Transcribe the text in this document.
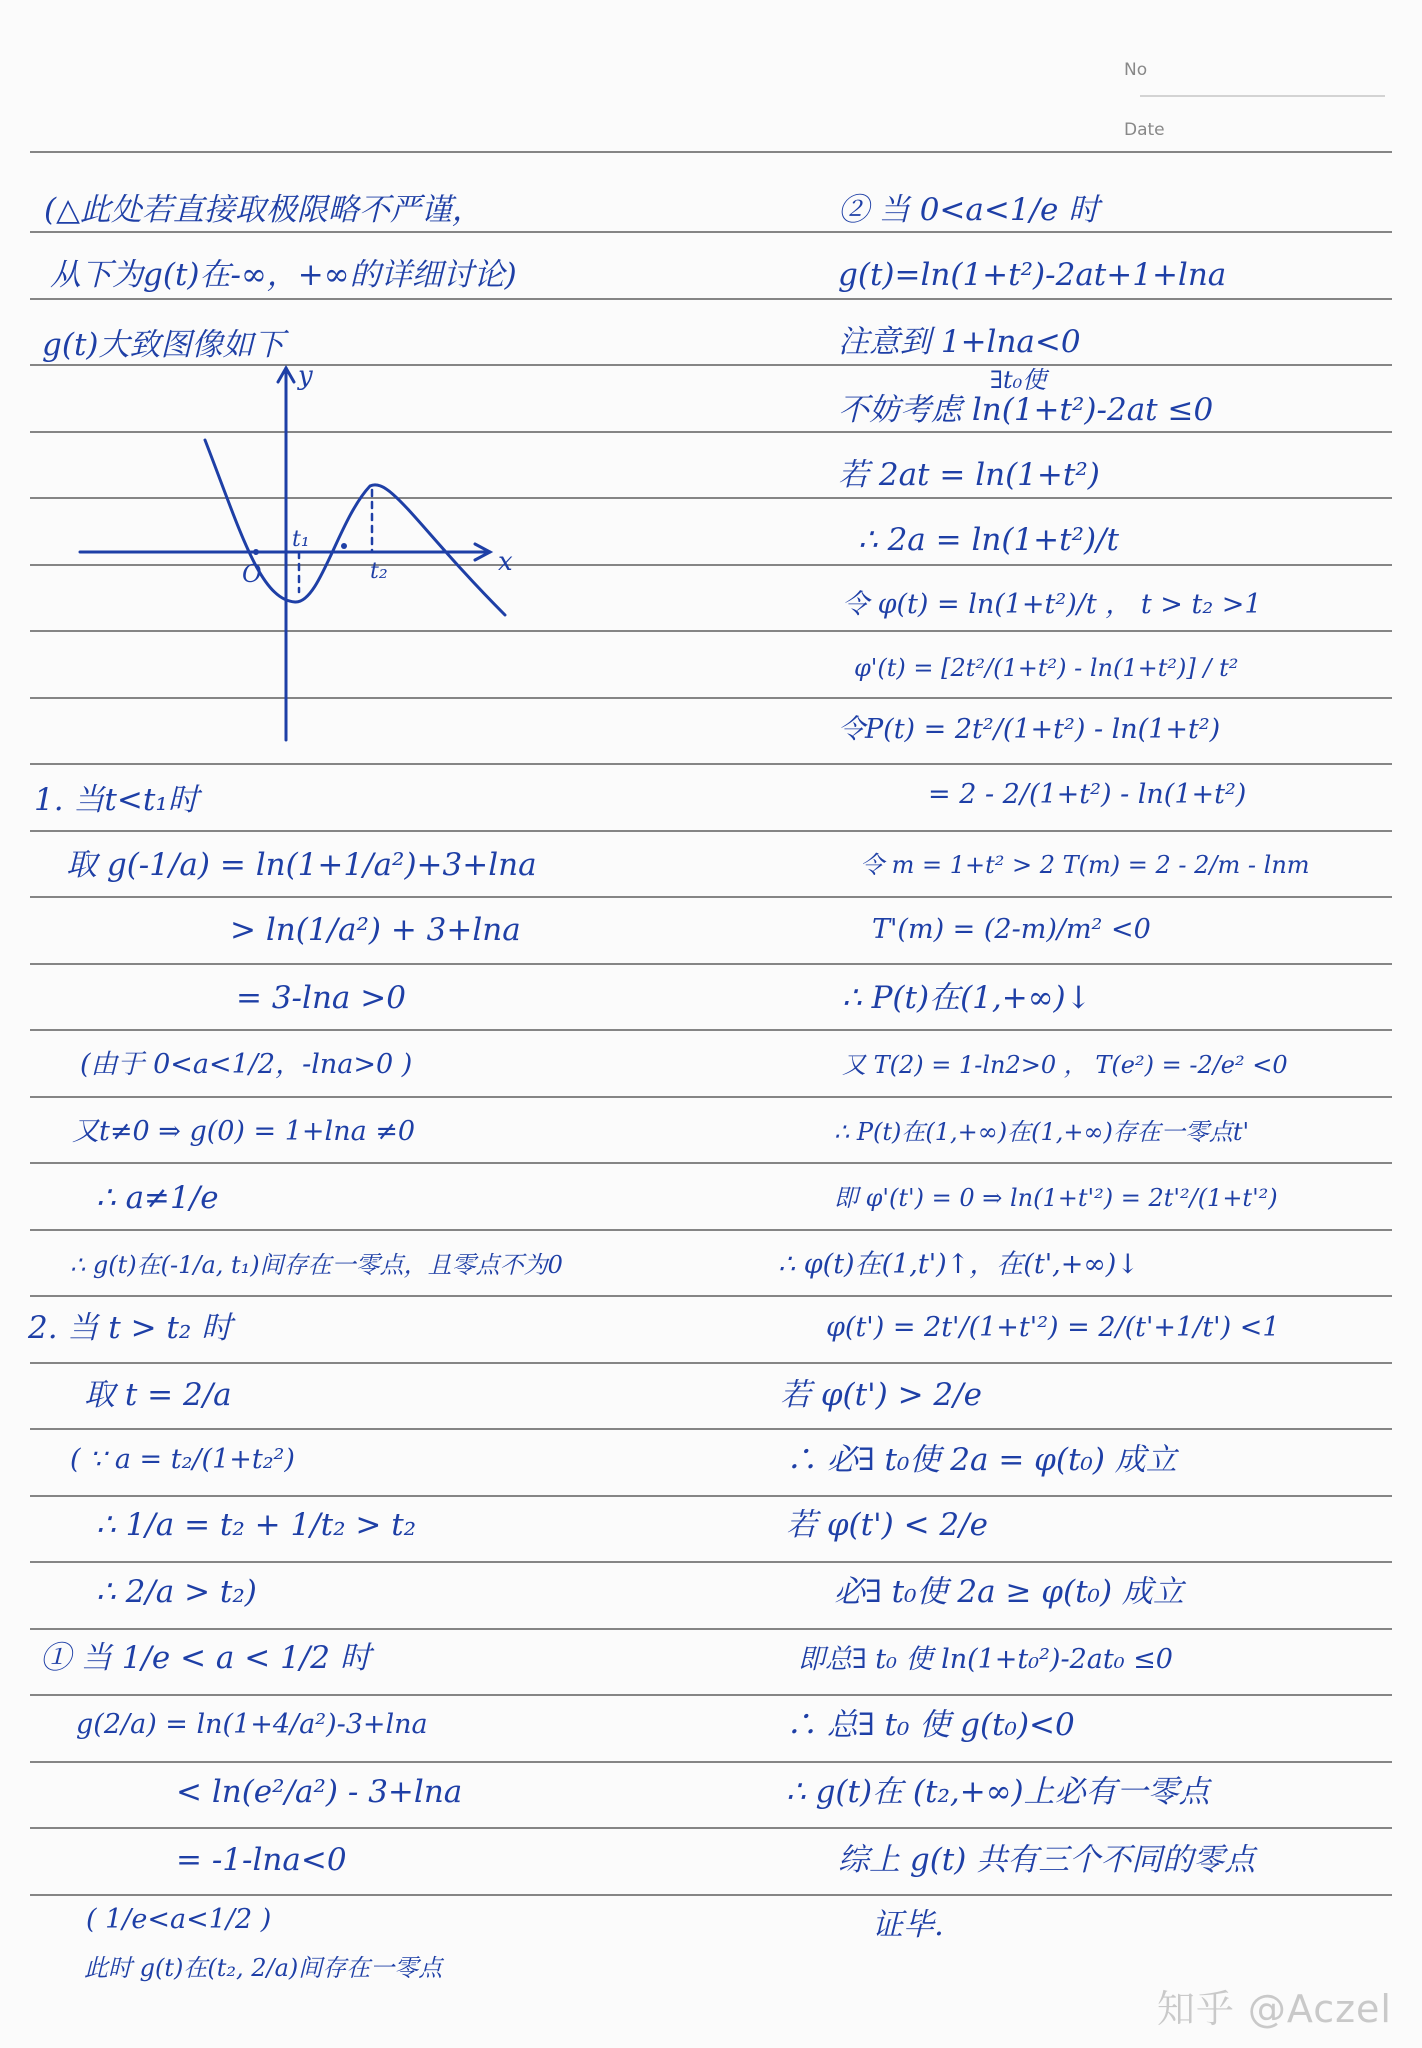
No
Date
(△此处若直接取极限略不严谨，
从下为g(t)在-∞，+∞的详细讨论)
g(t)大致图像如下
1. 当t<t₁时
取 g(-1/a) = ln(1+1/a²)+3+lna
> ln(1/a²) + 3+lna
= 3-lna >0
(由于 0<a<1/2，-lna>0 )
又t≠0 ⇒ g(0) = 1+lna ≠0
∴ a≠1/e
∴ g(t)在(-1/a, t₁)间存在一零点，且零点不为0
2. 当 t > t₂ 时
取 t = 2/a
( ∵ a = t₂/(1+t₂²)
∴ 1/a = t₂ + 1/t₂ > t₂
∴ 2/a > t₂)
① 当 1/e < a < 1/2 时
g(2/a) = ln(1+4/a²)-3+lna
< ln(e²/a²) - 3+lna
= -1-lna<0
( 1/e<a<1/2 )
此时 g(t)在(t₂, 2/a)间存在一零点
x
y
O
t₁
t₂
② 当 0<a<1/e 时
g(t)=ln(1+t²)-2at+1+lna
注意到 1+lna<0
∃t₀使
不妨考虑 ln(1+t²)-2at ≤0
若 2at = ln(1+t²)
∴ 2a = ln(1+t²)/t
令 φ(t) = ln(1+t²)/t ， t > t₂ >1
φ'(t) = [2t²/(1+t²) - ln(1+t²)] / t²
令P(t) = 2t²/(1+t²) - ln(1+t²)
= 2 - 2/(1+t²) - ln(1+t²)
令 m = 1+t² > 2 T(m) = 2 - 2/m - lnm
T'(m) = (2-m)/m² <0
∴ P(t)在(1,+∞)↓
又 T(2) = 1-ln2>0 ， T(e²) = -2/e² <0
∴ P(t)在(1,+∞)在(1,+∞)存在一零点t'
即 φ'(t') = 0 ⇒ ln(1+t'²) = 2t'²/(1+t'²)
∴ φ(t)在(1,t')↑，在(t',+∞)↓
φ(t') = 2t'/(1+t'²) = 2/(t'+1/t') <1
若 φ(t') > 2/e
∴ 必∃ t₀使 2a = φ(t₀) 成立
若 φ(t') < 2/e
必∃ t₀使 2a ≥ φ(t₀) 成立
即总∃ t₀ 使 ln(1+t₀²)-2at₀ ≤0
∴ 总∃ t₀ 使 g(t₀)<0
∴ g(t)在 (t₂,+∞)上必有一零点
综上 g(t) 共有三个不同的零点
证毕.
知乎 @Aczel
